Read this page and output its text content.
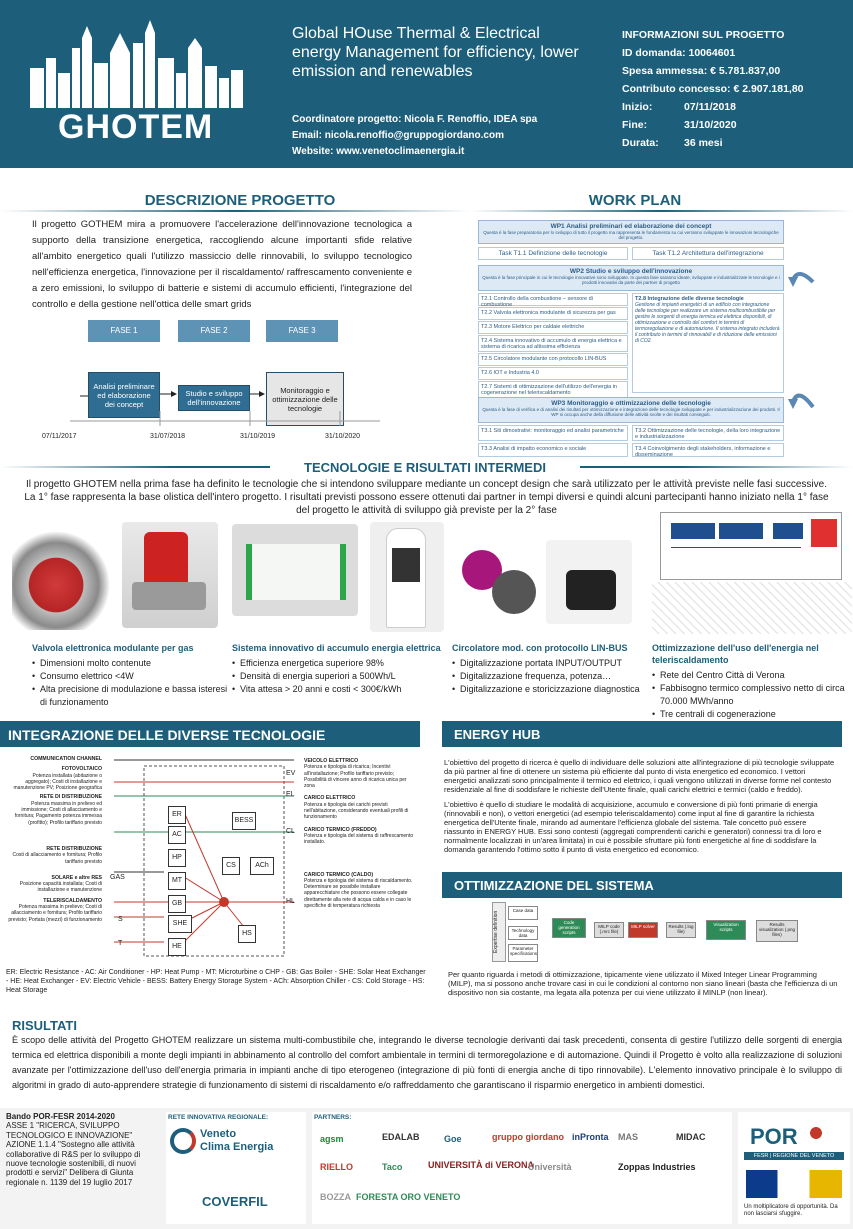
GHOTEM
Global HOuse Thermal & Electrical energy Management for efficiency, lower emission and renewables
Coordinatore progetto: Nicola F. Renoffio, IDEA spa
Email: nicola.renoffio@gruppogiordano.com
Website: www.venetoclimaenergia.it
INFORMAZIONI SUL PROGETTO
ID domanda: 10064601
Spesa ammessa:
€ 5.781.837,00
Contributo concesso:
€ 2.907.181,80
Inizio:	07/11/2018
Fine:	31/10/2020
Durata:	36 mesi
DESCRIZIONE PROGETTO
Il progetto GOTHEM mira a promuovere l'accelerazione dell'innovazione tecnologica a supporto della transizione energetica, raccogliendo alcune importanti sfide relative all'ambito energetico quali l'utilizzo massiccio delle rinnovabili, lo sviluppo tecnologico nell'efficienza energetica, l'innovazione per il riscaldamento/ raffrescamento conveniente e a zero emissioni, lo sviluppo di batterie e sistemi di accumulo efficienti, l'integrazione del controllo e della gestione nell'ottica delle smart grids
FASE 1	FASE 2	FASE 3
Analisi preliminare ed elaborazione dei concept
Studio e sviluppo dell'innovazione
Monitoraggio e ottimizzazione delle tecnologie
07/11/2017	31/07/2018	31/10/2019	31/10/2020
WORK PLAN
WP1 Analisi preliminari ed elaborazione dei concept
Questa è la fase preparatoria per lo sviluppo di tutto il progetto ma rappresenta le fondamenta su cui verranno sviluppate le innovazioni tecnologiche del progetto.
Task T1.1 Definizione delle tecnologie	Task T1.2 Architettura dell'integrazione
WP2 Studio e sviluppo dell'innovazione
Questa è la fase principale in cui le tecnologie innovative sono sviluppate. In questa fase saranno ideate, sviluppate e industrializzate le tecnologie e i prodotti innovativi da parte dei partner di progetto
T2.1 Controllo della combustione – sensore di combustione
T2.2 Valvola elettronica modulante di sicurezza per gas
T2.3 Motore Elettrico per caldaie elettriche
T2.4 Sistema innovativo di accumulo di energia elettrica e sistema di ricarica ad altissima efficienza
T2.5 Circolatore modulante con protocollo LIN-BUS
T2.6 IOT e Industria 4.0
T2.7 Sistemi di ottimizzazione dell'utilizzo dell'energia in cogenerazione nel teleriscaldamento
T2.8 Integrazione delle diverse tecnologie
Gestione di impianti energetici di un edificio con integrazione delle tecnologie per realizzare un sistema multicombustibile per gestire le sorgenti di energia termica ed elettrica disponibili, di ottimizzazione e controllo del comfort in termini di termoregolazione e di automazione. Il sistema integrato includerà il contributo in termini di rinnovabili e di riduzione delle emissioni di CO2.
WP3 Monitoraggio e ottimizzazione delle tecnologie
Questa è la fase di verifica e di analisi dei risultati per ottimizzazione e integrazione delle tecnologie sviluppate e per industrializzazione dei prodotti. Il WP si occupa anche della diffusione delle attività svolte e dei risultati conseguiti.
T3.1 Siti dimostrativi: monitoraggio ed analisi parametriche	T3.2 Ottimizzazione delle tecnologie, della loro integrazione e industrializzazione
T3.3 Analisi di impatto economico e sociale	T3.4 Coinvolgimento degli stakeholders, informazione e disseminazione
TECNOLOGIE E RISULTATI INTERMEDI
Il progetto GHOTEM nella prima fase ha definito le tecnologie che si intendono sviluppare mediante un concept design che sarà utilizzato per le attività previste nelle fasi successive.
La 1° fase rappresenta la base olistica dell'intero progetto. I risultati previsti possono essere ottenuti dai partner in tempi diversi e quindi alcuni partecipanti hanno iniziato nella 1° fase del progetto le attività di sviluppo già previste per la 2° fase
Valvola elettronica modulante per gas
• Dimensioni molto contenute
• Consumo elettrico <4W
• Alta precisione di modulazione e bassa isteresi di funzionamento
Sistema innovativo di accumulo energia elettrica
• Efficienza energetica superiore 98%
• Densità di energia superiori a 500Wh/L
• Vita attesa > 20 anni e costi < 300€/kWh
Circolatore mod. con protocollo LIN-BUS
• Digitalizzazione portata INPUT/OUTPUT
• Digitalizzazione frequenza, potenza…
• Digitalizzazione e storicizzazione diagnostica
Ottimizzazione dell'uso dell'energia nel teleriscaldamento
• Rete del Centro Città di Verona
• Fabbisogno termico complessivo netto di circa 70.000 MWh/anno
• Tre centrali di cogenerazione
INTEGRAZIONE DELLE DIVERSE TECNOLOGIE
COMMUNICATION CHANNEL
FOTOVOLTAICO
Potenza installata (abitazione o aggregato); Costi di installazione e manutenzione PV; Posizione geografica
RETE DI DISTRIBUZIONE
Potenza massima in prelievo ed immissione; Costi di allacciamento e fornitura; Pagamento potenza immessa (profitto); Profilo tariffario previsto
RETE DISTRIBUZIONE
Costi di allacciamento e fornitura; Profilo tariffario previsto
SOLARE e altre RES
Posizione capacità installata; Costi di installazione e manutenzione
TELERISCALDAMENTO
Potenza massima in prelievo; Costi di allacciamento e fornitura; Profilo tariffario previsto; Portata (mezzi) di funzionamento
VEICOLO ELETTRICO
Potenza e tipologia di ricarica; Incentivi all'installazione; Profilo tariffario previsto; Possibilità di vincere anno di ricarica unica per zona
CARICO ELETTRICO
Potenza e tipologia dei carichi previsti nell'abitazione, considerando eventuali profili di funzionamento
CARICO TERMICO (FREDDO)
Potenza e tipologia del sistema di raffrescamento installato.
CARICO TERMICO (CALDO)
Potenza e tipologia del sistema di riscaldamento. Determinare se possibile installare apparecchiature che possono essere collegate direttamente alla rete di acqua calda e in caso le specifiche di temperatura richiesta
ER
AC
HP
MT
GB
SHE
HE
BESS
CS	ACh
HS
EV
EL
CL
HL
GAS
S
T
ER: Electric Resistance - AC: Air Conditioner - HP: Heat Pump - MT: Microturbine o CHP - GB: Gas Boiler - SHE: Solar Heat Exchanger - HE: Heat Exchanger - EV: Electric Vehicle - BESS: Battery Energy Storage System - ACh: Absorption Chiller - CS: Cold Storage - HS: Heat Storage
ENERGY HUB

L'obiettivo del progetto di ricerca è quello di individuare delle soluzioni atte all'integrazione di più tecnologie sviluppate da più partner al fine di ottenere un sistema più efficiente dal punto di vista energetico ed economico. I vettori energetici analizzati sono principalmente il termico ed elettrico, i quali vengono utilizzati in diverse forme nel contesto residenziale al fine di soddisfare le richieste dell'Utente finale, quali carichi elettrici e termici (caldo e freddo).

L'obiettivo è quello di studiare le modalità di acquisizione, accumulo e conversione di più fonti primarie di energia (rinnovabili e non), o vettori energetici (ad esempio teleriscaldamento) come input al fine di garantire la richiesta energetica dell'Utente finale, mirando ad aumentare l'efficienza globale del sistema. Tale concetto può essere riassunto in ENERGY HUB. Essi sono contesti (aggregati comprendenti carichi e generatori) connessi tra di loro e normalmente localizzati in un'area limitata) in cui è possibile sfruttare più fonti energetiche al fine di soddisfare la domanda garantendo l'ottimo sotto il punto di vista energetico ed economico.

OTTIMIZZAZIONE DEL SISTEMA
Expertise definition
Case data
Technology data
Parameter specifications
Code generation scripts
MILP code (.mrc file)
MILP solver	Results (.log file)
Visualization scripts
Results visualization (.png files)
Per quanto riguarda i metodi di ottimizzazione, tipicamente viene utilizzato il Mixed Integer Linear Programming (MILP), ma si possono anche trovare casi in cui le condizioni al contorno non siano lineari (basta che l'efficienza di un dispositivo non sia costante, ma legata alla potenza per cui viene utilizzato il MINLP (non linear).
RISULTATI
È scopo delle attività del Progetto GHOTEM realizzare un sistema multi-combustibile che, integrando le diverse tecnologie derivanti dai task precedenti, consenta di gestire l'utilizzo delle sorgenti di energia termica ed elettrica disponibili a monte degli impianti in abbinamento al controllo del comfort ambientale in termini di termoregolazione e di automazione. Quindi il Progetto è volto alla realizzazione di soluzioni avanzate per l'ottimizzazione dell'uso dell'energia primaria in impianti anche di tipo eterogeneo (integrazione di più fonti di energia anche di tipo rinnovabile). L'elemento innovativo principale è lo sviluppo di algoritmi in grado di auto-apprendere strategie di funzionamento di sistemi di riscaldamento e/o raffreddamento che garantiscano il risparmio energetico in ambienti domestici.
Bando POR-FESR 2014-2020
ASSE 1 "RICERCA, SVILUPPO TECNOLOGICO E INNOVAZIONE" AZIONE 1.1.4 "Sostegno alle attività collaborative di R&S per lo sviluppo di nuove tecnologie sostenibili, di nuovi prodotti e servizi" Delibera di Giunta regionale n. 1139 del 19 luglio 2017
RETE INNOVATIVA REGIONALE:
Veneto
Clima Energia
COVERFIL
PARTNERS:
agsm	EDALAB	Goe	gruppo giordano inPronta MAS	MIDAC
RIELLO	Taco	UNIVERSITÀ di VERONA
Università	Zoppas Industries
BOZZA FORESTA ORO VENETO
POR
FESR | REGIONE DEL VENETO
Un moltiplicatore di opportunità. Da non lasciarsi sfuggire.
